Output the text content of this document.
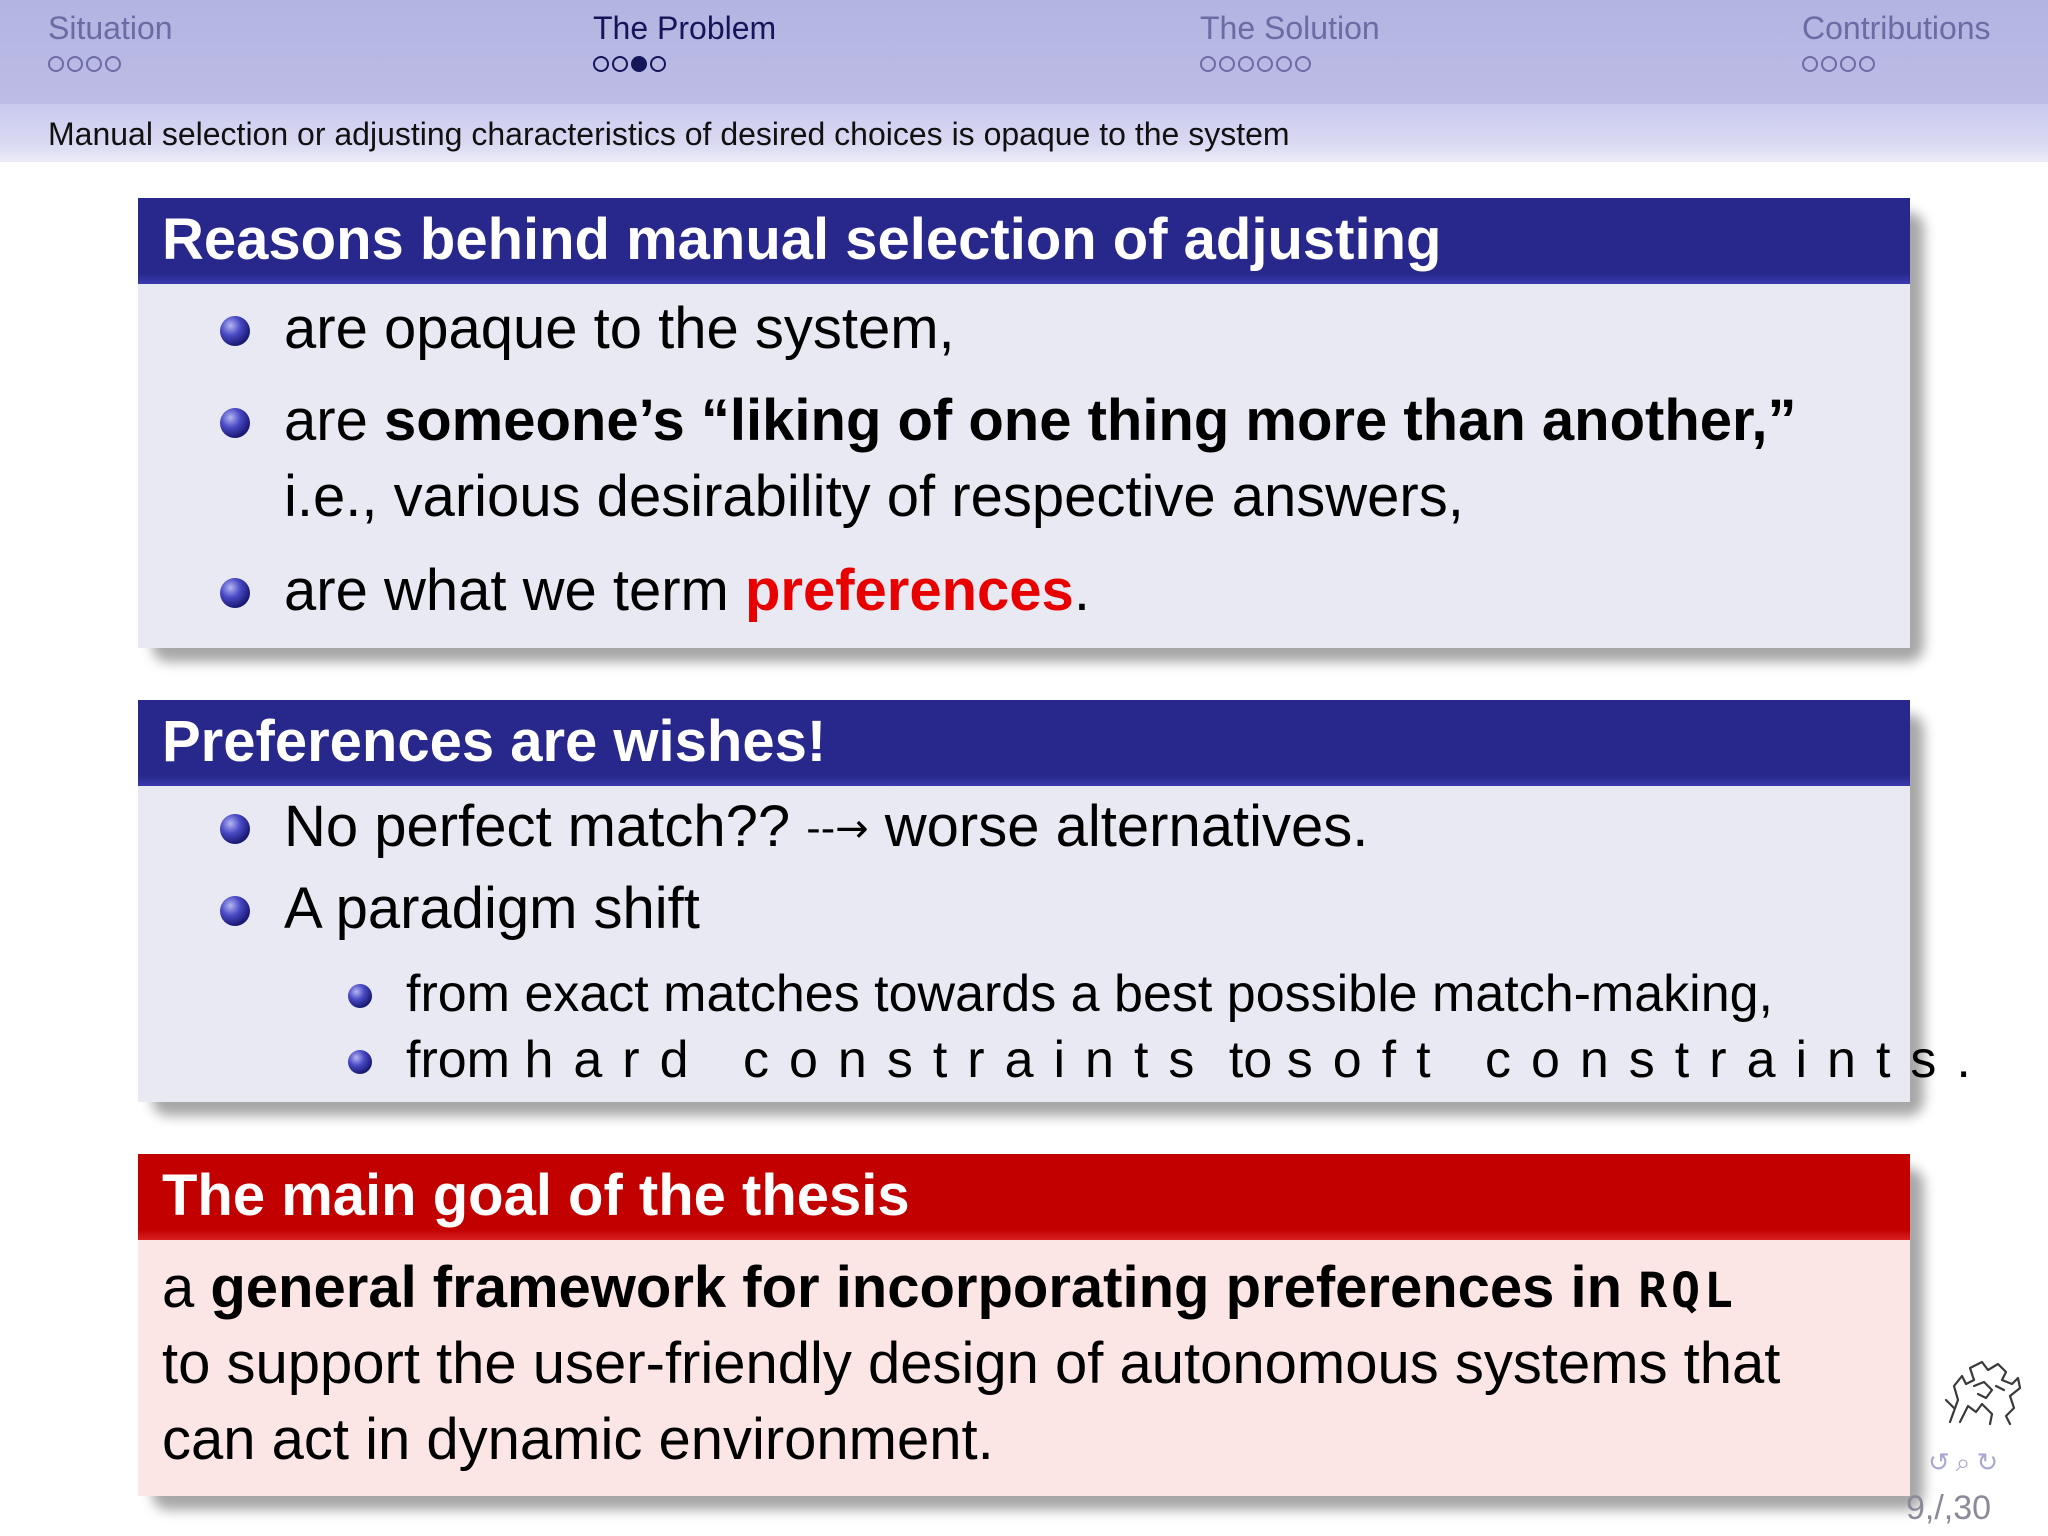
Situation	The Problem	The Solution	Contributions
Manual selection or adjusting characteristics of desired choices is opaque to the system
Reasons behind manual selection of adjusting
are opaque to the system,
are someone’s “liking of one thing more than another,”
i.e., various desirability of respective answers,
are what we term preferences.
Preferences are wishes!
No perfect match?? --→ worse alternatives.
A paradigm shift
from exact matches towards a best possible match-making,
from hard constraints to soft constraints.
The main goal of the thesis
a general framework for incorporating preferences in RQL
to support the user-friendly design of autonomous systems that
can act in dynamic environment.	↺⌕↻
9,/,30
